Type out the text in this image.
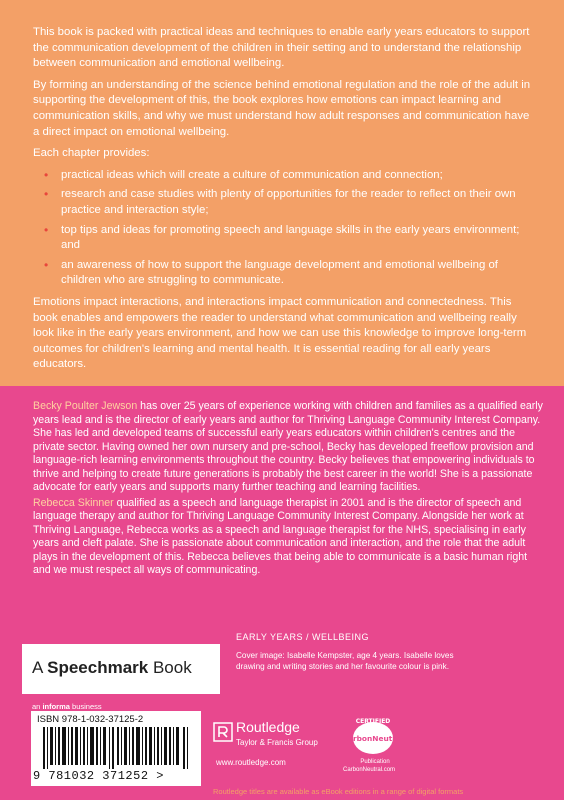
This book is packed with practical ideas and techniques to enable early years educators to support the communication development of the children in their setting and to understand the relationship between communication and emotional wellbeing.

By forming an understanding of the science behind emotional regulation and the role of the adult in supporting the development of this, the book explores how emotions can impact learning and communication skills, and why we must understand how adult responses and communication have a direct impact on emotional wellbeing.

Each chapter provides:

• practical ideas which will create a culture of communication and connection;
• research and case studies with plenty of opportunities for the reader to reflect on their own practice and interaction style;
• top tips and ideas for promoting speech and language skills in the early years environment; and
• an awareness of how to support the language development and emotional wellbeing of children who are struggling to communicate.

Emotions impact interactions, and interactions impact communication and connectedness. This book enables and empowers the reader to understand what communication and wellbeing really look like in the early years environment, and how we can use this knowledge to improve long-term outcomes for children's learning and mental health. It is essential reading for all early years educators.

Becky Poulter Jewson has over 25 years of experience working with children and families as a qualified early years lead and is the director of early years and author for Thriving Language Community Interest Company. She has led and developed teams of successful early years educators within children's centres and the private sector. Having owned her own nursery and pre-school, Becky has developed freeflow provision and language-rich learning environments throughout the country. Becky believes that empowering individuals to thrive and helping to create future generations is probably the best career in the world! She is a passionate advocate for early years and supports many further teaching and learning facilities.

Rebecca Skinner qualified as a speech and language therapist in 2001 and is the director of speech and language therapy and author for Thriving Language Community Interest Company. Alongside her work at Thriving Language, Rebecca works as a speech and language therapist for the NHS, specialising in early years and cleft palate. She is passionate about communication and interaction, and the role that the adult plays in the development of this. Rebecca believes that being able to communicate is a basic human right and we must respect all ways of communicating.

A Speechmark Book
EARLY YEARS / WELLBEING
Cover image: Isabelle Kempster, age 4 years. Isabelle loves drawing and writing stories and her favourite colour is pink.
an informa business
ISBN 978-1-032-37125-2
9 781032 371252 >
Routledge
Taylor & Francis Group
www.routledge.com
CERTIFIED
CarbonNeutral
Publication
CarbonNeutral.com
Routledge titles are available as eBook editions in a range of digital formats
